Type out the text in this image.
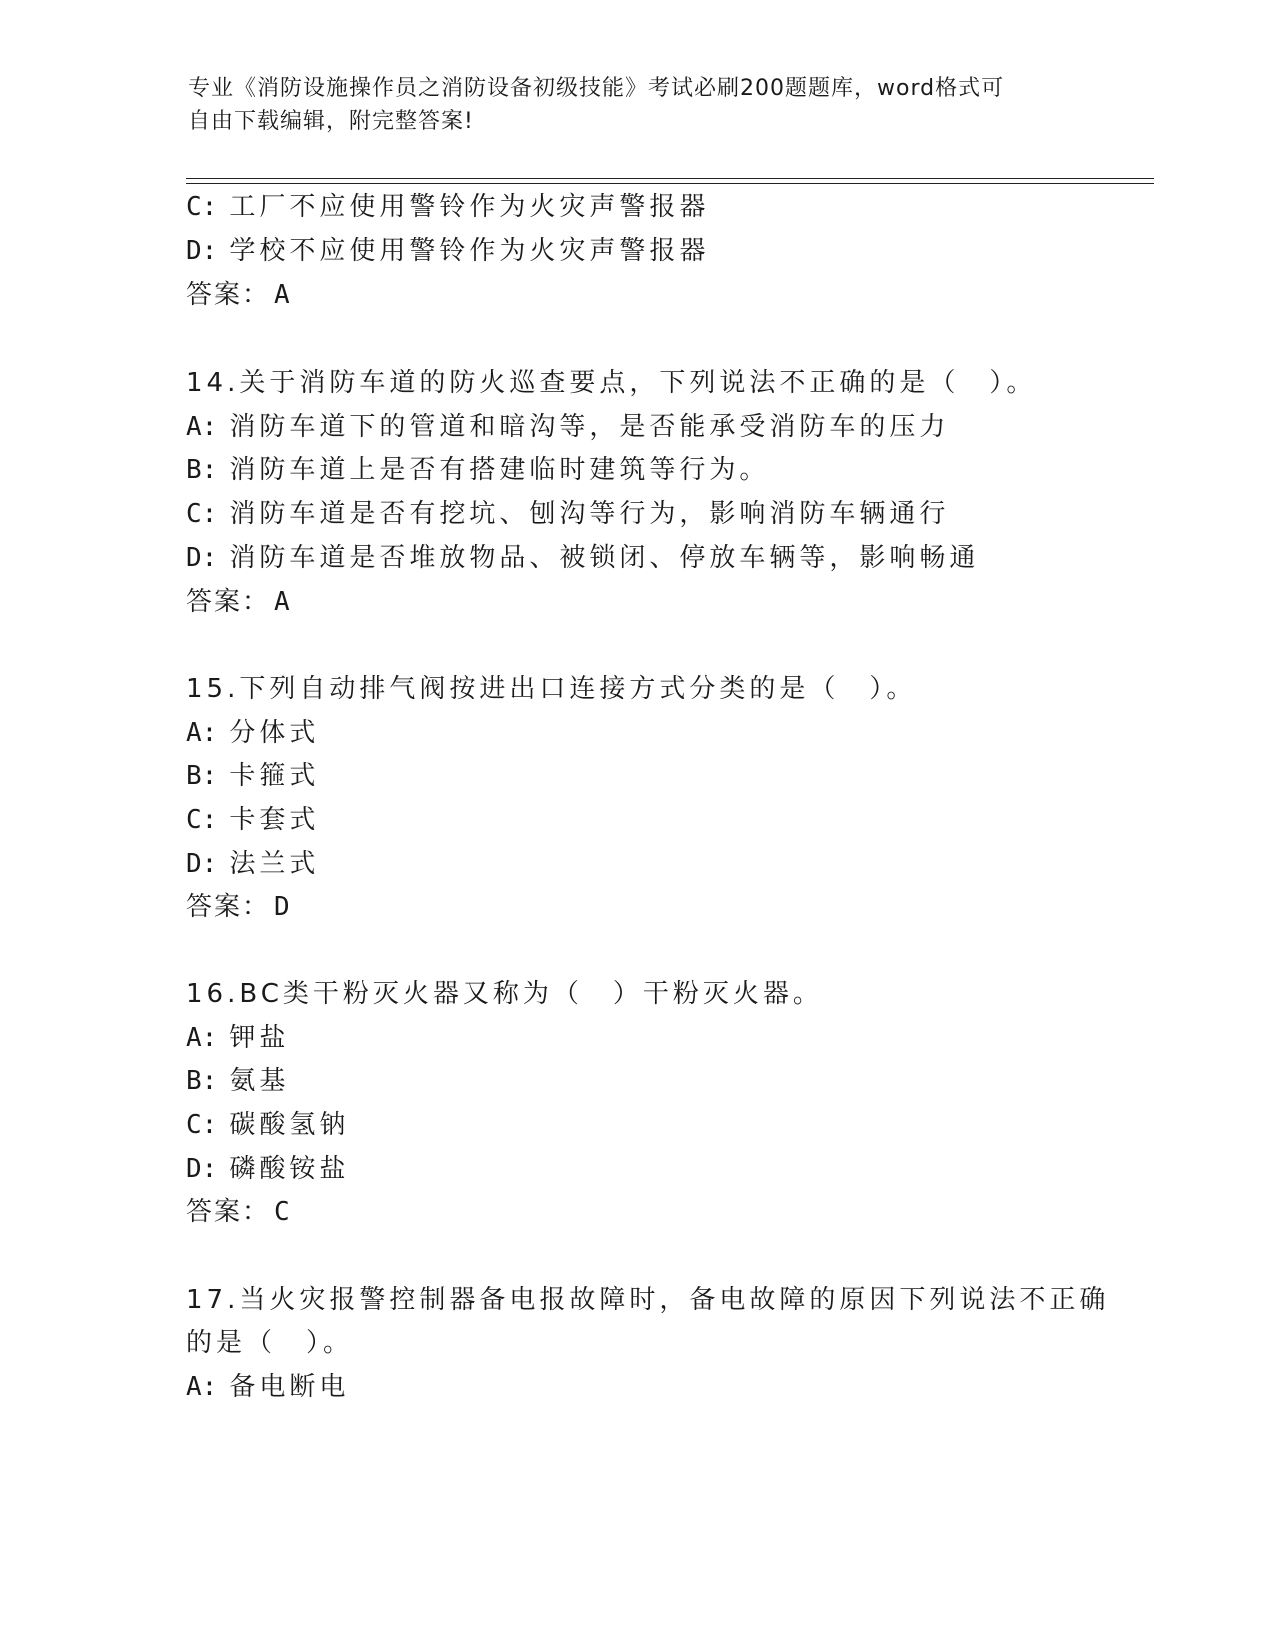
专业《消防设施操作员之消防设备初级技能》考试必刷200题题库，word格式可
自由下载编辑，附完整答案!
C: 工厂不应使用警铃作为火灾声警报器
D: 学校不应使用警铃作为火灾声警报器
答案： A
14.关于消防车道的防火巡查要点，下列说法不正确的是（　）。
A: 消防车道下的管道和暗沟等，是否能承受消防车的压力
B: 消防车道上是否有搭建临时建筑等行为。
C: 消防车道是否有挖坑、刨沟等行为，影响消防车辆通行
D: 消防车道是否堆放物品、被锁闭、停放车辆等，影响畅通
答案： A
15.下列自动排气阀按进出口连接方式分类的是（　）。
A: 分体式
B: 卡箍式
C: 卡套式
D: 法兰式
答案： D
16.BC类干粉灭火器又称为（　）干粉灭火器。
A: 钾盐
B: 氨基
C: 碳酸氢钠
D: 磷酸铵盐
答案： C
17.当火灾报警控制器备电报故障时，备电故障的原因下列说法不正确
的是（　）。
A: 备电断电
